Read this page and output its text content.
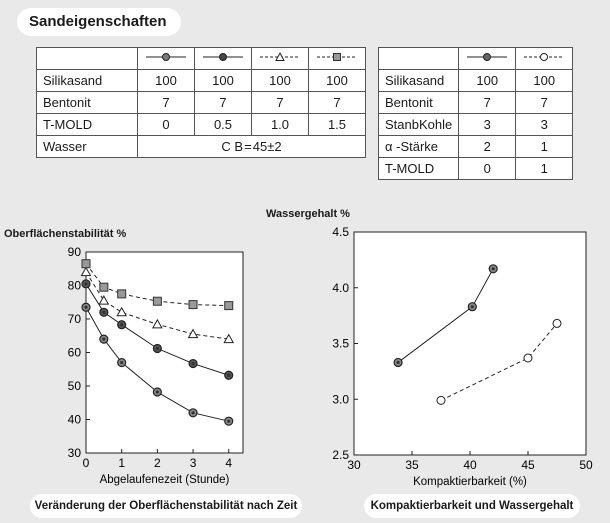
Sandeigenschaften

Silikasand	100	100	100	100
Bentonit	7	7	7	7
T-MOLD	0	0.5	1.0	1.5
Wasser	C B = 45±2			

Silikasand	100	100
Bentonit	7	7
StanbKohle	3	3
α -Stärke	2	1
T-MOLD	0	1
Oberflächenstabilität %
30
40
50
60
70
80
90
0 1 2 3 4
Abgelaufenezeit (Stunde)
Veränderung der Oberflächenstabilität nach Zeit
Wassergehalt %
2.5
3.0
3.5
4.0
4.5
30	35	40	45	50
Kompaktierbarkeit (%)
Kompaktierbarkeit und Wassergehalt
